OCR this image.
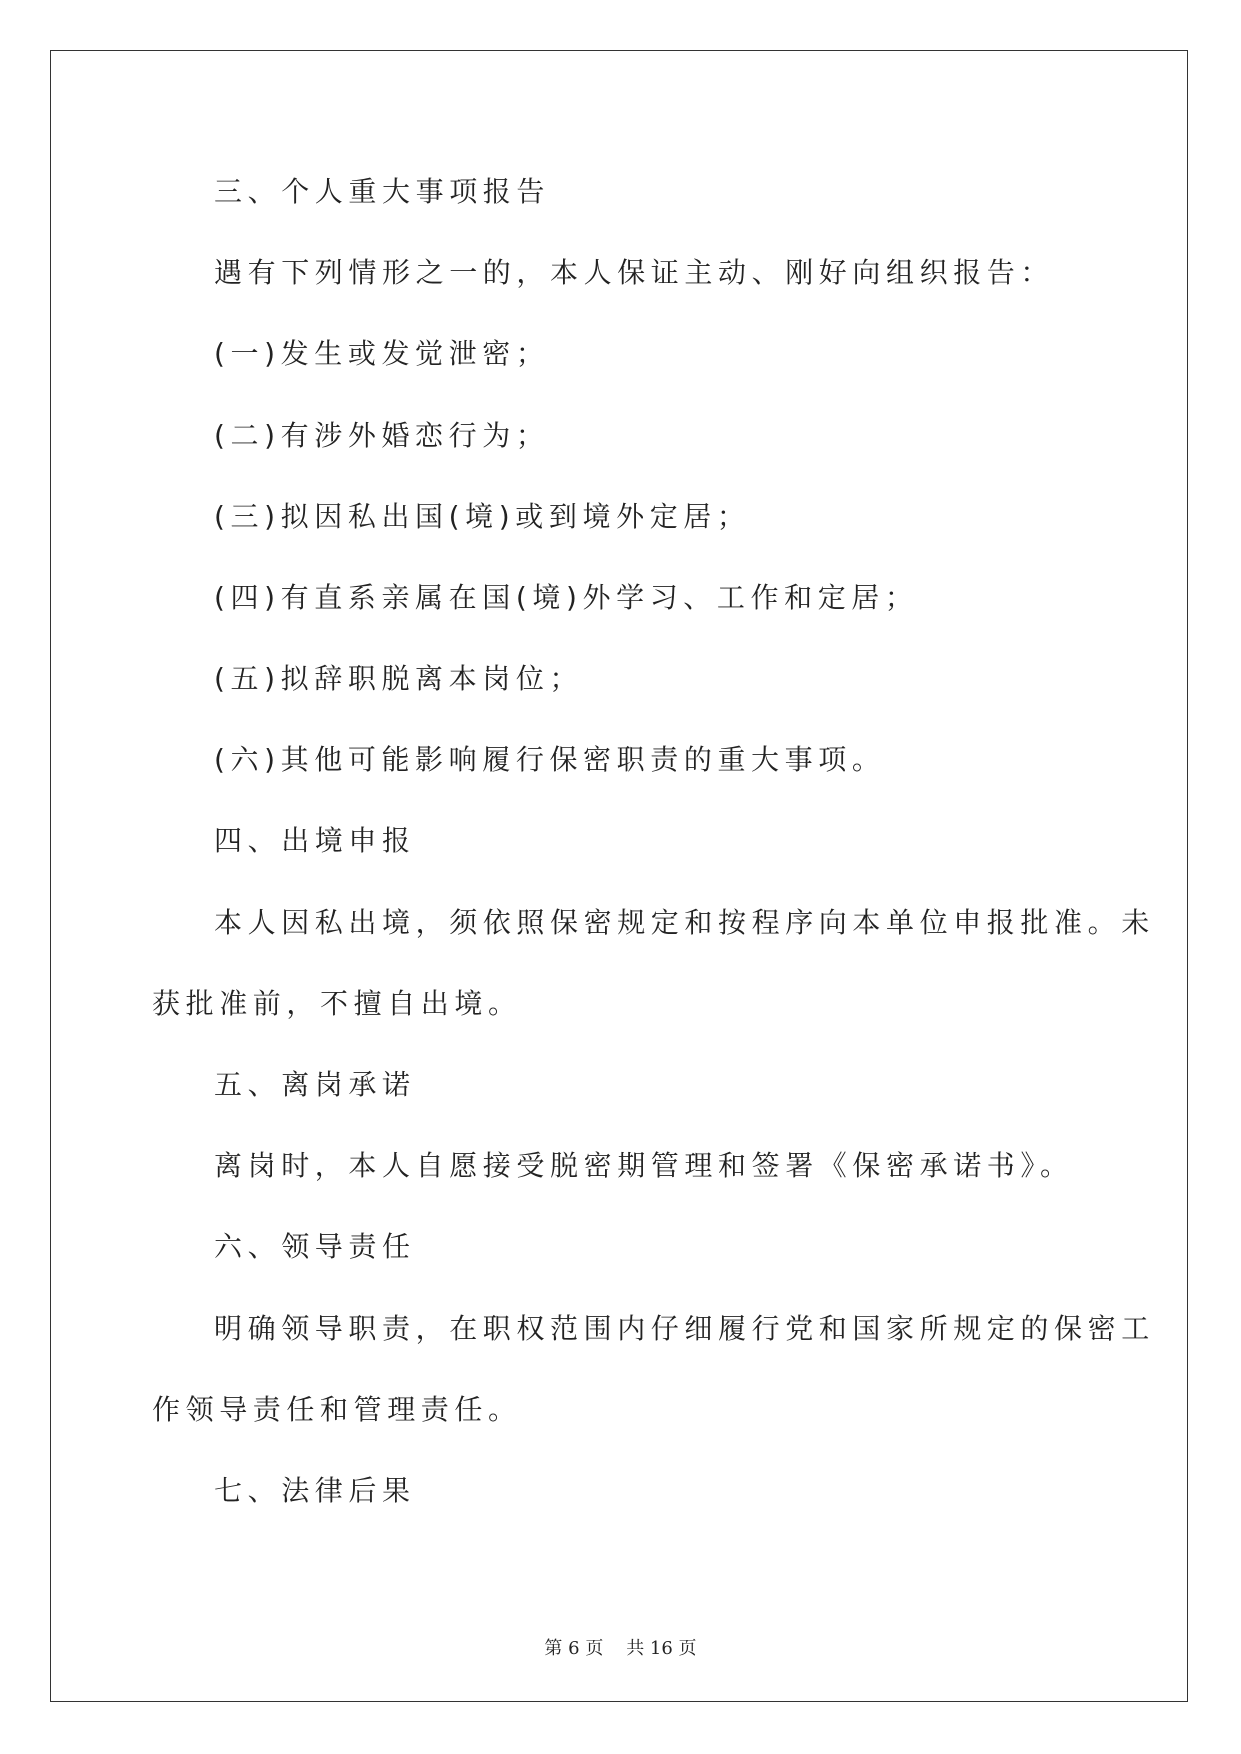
三、个人重大事项报告
遇有下列情形之一的，本人保证主动、刚好向组织报告：
(一)发生或发觉泄密；
(二)有涉外婚恋行为；
(三)拟因私出国(境)或到境外定居；
(四)有直系亲属在国(境)外学习、工作和定居；
(五)拟辞职脱离本岗位；
(六)其他可能影响履行保密职责的重大事项。
四、出境申报
本人因私出境，须依照保密规定和按程序向本单位申报批准。未
获批准前，不擅自出境。
五、离岗承诺
离岗时，本人自愿接受脱密期管理和签署《保密承诺书》。
六、领导责任
明确领导职责，在职权范围内仔细履行党和国家所规定的保密工
作领导责任和管理责任。
七、法律后果
第 6 页    共 16 页
